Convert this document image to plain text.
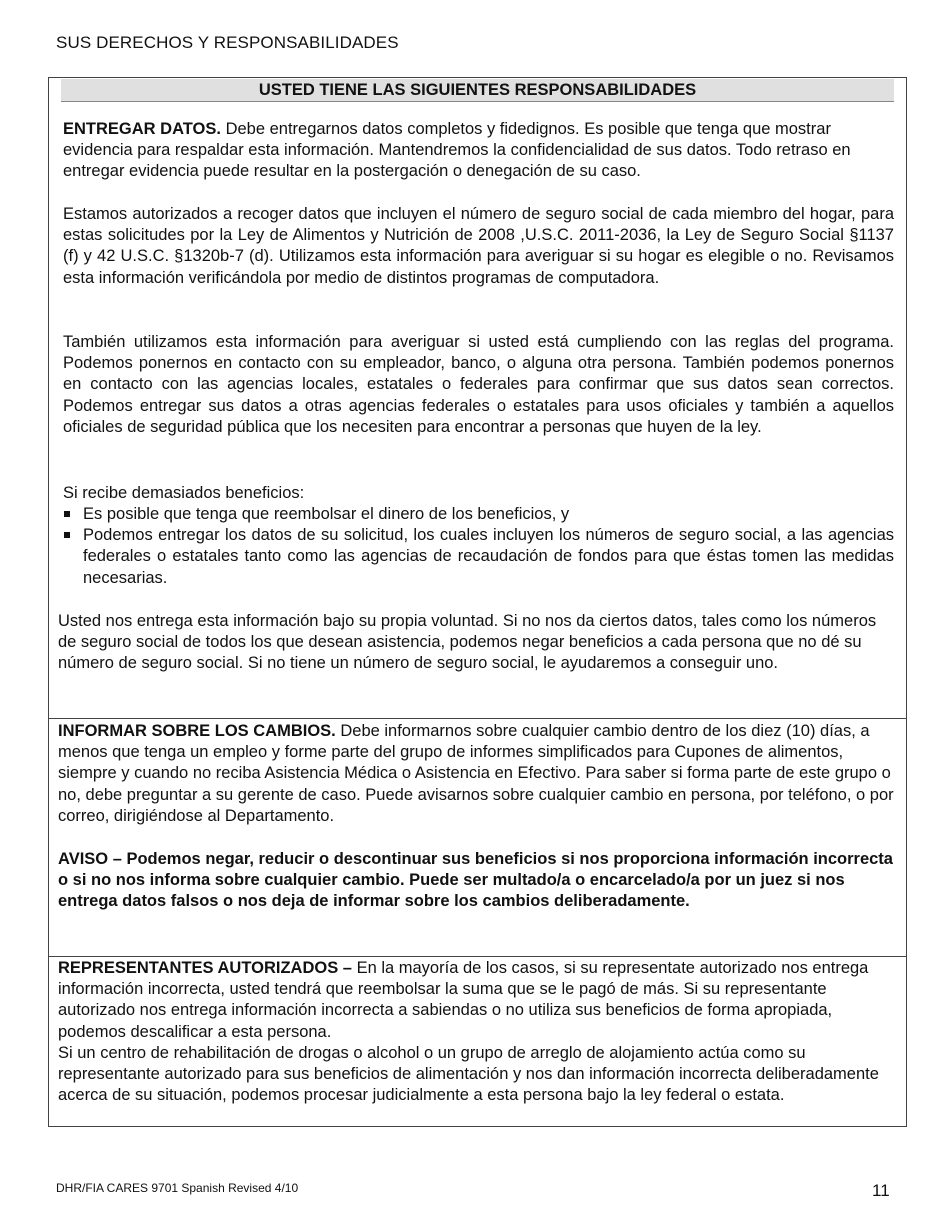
SUS DERECHOS Y RESPONSABILIDADES
USTED TIENE LAS SIGUIENTES RESPONSABILIDADES

ENTREGAR DATOS. Debe entregarnos datos completos y fidedignos. Es posible que tenga que mostrar evidencia para respaldar esta información. Mantendremos la confidencialidad de sus datos. Todo retraso en entregar evidencia puede resultar en la postergación o denegación de su caso.

Estamos autorizados a recoger datos que incluyen el número de seguro social de cada miembro del hogar, para estas solicitudes por la Ley de Alimentos y Nutrición de 2008 ,U.S.C. 2011-2036, la Ley de Seguro Social §1137 (f) y 42 U.S.C. §1320b-7 (d). Utilizamos esta información para averiguar si su hogar es elegible o no. Revisamos esta información verificándola por medio de distintos programas de computadora.

También utilizamos esta información para averiguar si usted está cumpliendo con las reglas del programa. Podemos ponernos en contacto con su empleador, banco, o alguna otra persona. También podemos ponernos en contacto con las agencias locales, estatales o federales para confirmar que sus datos sean correctos. Podemos entregar sus datos a otras agencias federales o estatales para usos oficiales y también a aquellos oficiales de seguridad pública que los necesiten para encontrar a personas que huyen de la ley.

Si recibe demasiados beneficios:

Es posible que tenga que reembolsar el dinero de los beneficios, y
Podemos entregar los datos de su solicitud, los cuales incluyen los números de seguro social, a las agencias federales o estatales tanto como las agencias de recaudación de fondos para que éstas tomen las medidas necesarias.

Usted nos entrega esta información bajo su propia voluntad. Si no nos da ciertos datos, tales como los números de seguro social de todos los que desean asistencia, podemos negar beneficios a cada persona que no dé su número de seguro social. Si no tiene un número de seguro social, le ayudaremos a conseguir uno.

INFORMAR SOBRE LOS CAMBIOS. Debe informarnos sobre cualquier cambio dentro de los diez (10) días, a menos que tenga un empleo y forme parte del grupo de informes simplificados para Cupones de alimentos, siempre y cuando no reciba Asistencia Médica o Asistencia en Efectivo. Para saber si forma parte de este grupo o no, debe preguntar a su gerente de caso. Puede avisarnos sobre cualquier cambio en persona, por teléfono, o por correo, dirigiéndose al Departamento.

AVISO – Podemos negar, reducir o descontinuar sus beneficios si nos proporciona información incorrecta o si no nos informa sobre cualquier cambio. Puede ser multado/a o encarcelado/a por un juez si nos entrega datos falsos o nos deja de informar sobre los cambios deliberadamente.

REPRESENTANTES AUTORIZADOS – En la mayoría de los casos, si su representate autorizado nos entrega información incorrecta, usted tendrá que reembolsar la suma que se le pagó de más. Si su representante autorizado nos entrega información incorrecta a sabiendas o no utiliza sus beneficios de forma apropiada, podemos descalificar a esta persona.

Si un centro de rehabilitación de drogas o alcohol o un grupo de arreglo de alojamiento actúa como su representante autorizado para sus beneficios de alimentación y nos dan información incorrecta deliberadamente acerca de su situación, podemos procesar judicialmente a esta persona bajo la ley federal o estata.

DHR/FIA CARES 9701 Spanish Revised 4/10	11
